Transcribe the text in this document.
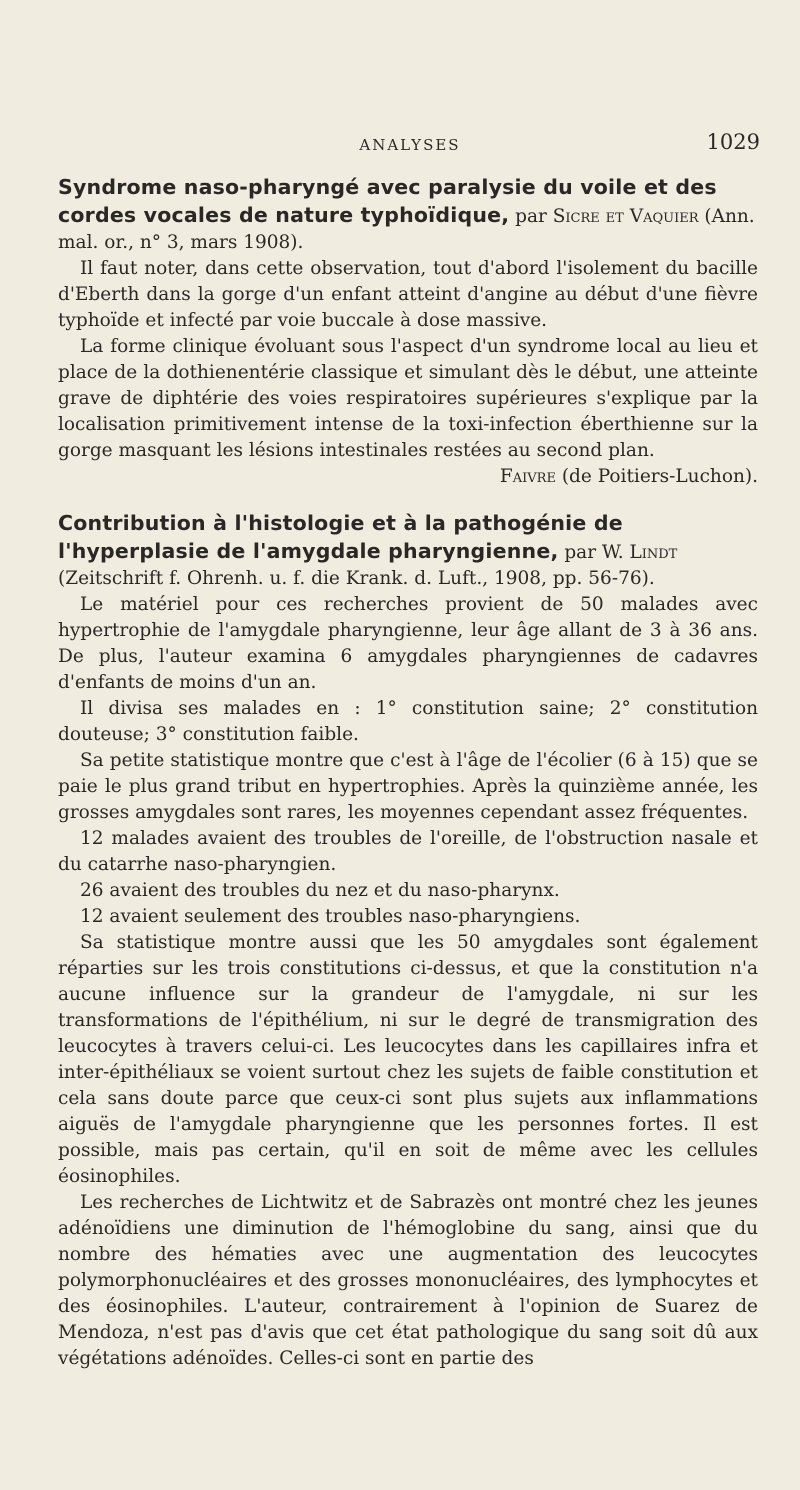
ANALYSES	1029

Syndrome naso-pharyngé avec paralysie du voile et des cordes vocales de nature typhoïdique, par Sicre et Vaquier (Ann. mal. or., n° 3, mars 1908).

Il faut noter, dans cette observation, tout d'abord l'isolement du bacille d'Eberth dans la gorge d'un enfant atteint d'angine au début d'une fièvre typhoïde et infecté par voie buccale à dose massive.

La forme clinique évoluant sous l'aspect d'un syndrome local au lieu et place de la dothienentérie classique et simulant dès le début, une atteinte grave de diphtérie des voies respiratoires supérieures s'explique par la localisation primitivement intense de la toxi-infection éberthienne sur la gorge masquant les lésions intestinales restées au second plan.

Faivre (de Poitiers-Luchon).

Contribution à l'histologie et à la pathogénie de l'hyperplasie de l'amygdale pharyngienne, par W. Lindt (Zeitschrift f. Ohrenh. u. f. die Krank. d. Luft., 1908, pp. 56-76).

Le matériel pour ces recherches provient de 50 malades avec hypertrophie de l'amygdale pharyngienne, leur âge allant de 3 à 36 ans. De plus, l'auteur examina 6 amygdales pharyngiennes de cadavres d'enfants de moins d'un an.

Il divisa ses malades en : 1° constitution saine; 2° constitution douteuse; 3° constitution faible.

Sa petite statistique montre que c'est à l'âge de l'écolier (6 à 15) que se paie le plus grand tribut en hypertrophies. Après la quinzième année, les grosses amygdales sont rares, les moyennes cependant assez fréquentes.

12 malades avaient des troubles de l'oreille, de l'obstruction nasale et du catarrhe naso-pharyngien.

26 avaient des troubles du nez et du naso-pharynx.

12 avaient seulement des troubles naso-pharyngiens.

Sa statistique montre aussi que les 50 amygdales sont également réparties sur les trois constitutions ci-dessus, et que la constitution n'a aucune influence sur la grandeur de l'amygdale, ni sur les transformations de l'épithélium, ni sur le degré de transmigration des leucocytes à travers celui-ci. Les leucocytes dans les capillaires infra et inter-épithéliaux se voient surtout chez les sujets de faible constitution et cela sans doute parce que ceux-ci sont plus sujets aux inflammations aiguës de l'amygdale pharyngienne que les personnes fortes. Il est possible, mais pas certain, qu'il en soit de même avec les cellules éosinophiles.

Les recherches de Lichtwitz et de Sabrazès ont montré chez les jeunes adénoïdiens une diminution de l'hémoglobine du sang, ainsi que du nombre des hématies avec une augmentation des leucocytes polymorphonucléaires et des grosses mononucléaires, des lymphocytes et des éosinophiles. L'auteur, contrairement à l'opinion de Suarez de Mendoza, n'est pas d'avis que cet état pathologique du sang soit dû aux végétations adénoïdes. Celles-ci sont en partie des
